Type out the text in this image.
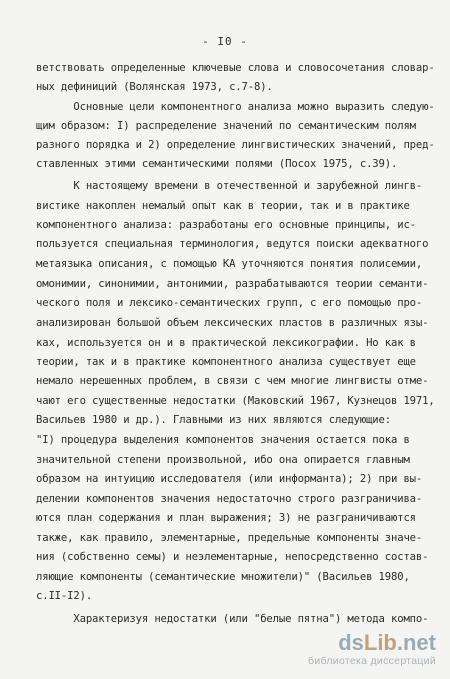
- I0 -
ветствовать определенные ключевые слова и словосочетания словар-
ных дефиниций (Волянская 1973, с.7-8).
Основные цели компонентного анализа можно выразить следую-
щим образом: I) распределение значений по семантическим полям
разного порядка и 2) определение лингвистических значений, пред-
ставленных этими семантическими полями (Посох 1975, с.39).
К настоящему времени в отечественной и зарубежной лингв-
вистике накоплен немалый опыт как в теории, так и в практике
компонентного анализа: разработаны его основные принципы, ис-
пользуется специальная терминология, ведутся поиски адекватного
метаязыка описания, с помощью КА уточняются понятия полисемии,
омонимии, синонимии, антонимии, разрабатываются теории семанти-
ческого поля и лексико-семантических групп, с его помощью про-
анализирован большой объем лексических пластов в различных язы-
ках, используется он и в практической лексикографии. Но как в
теории, так и в практике компонентного анализа существует еще
немало нерешенных проблем, в связи с чем многие лингвисты отме-
чают его существенные недостатки (Маковский 1967, Кузнецов 1971,
Васильев 1980 и др.). Главными из них являются следующие:
"I) процедура выделения компонентов значения остается пока в
значительной степени произвольной, ибо она опирается главным
образом на интуицию исследователя (или информанта); 2) при вы-
делении компонентов значения недостаточно строго разграничива-
ются план содержания и план выражения; 3) не разграничиваются
также, как правило, элементарные, предельные компоненты значе-
ния (собственно семы) и неэлементарные, непосредственно состав-
ляющие компоненты (семантические множители)" (Васильев 1980,
с.II-I2).
Характеризуя недостатки (или "белые пятна") метода компо-
dsLib.net
библиотека диссертаций
